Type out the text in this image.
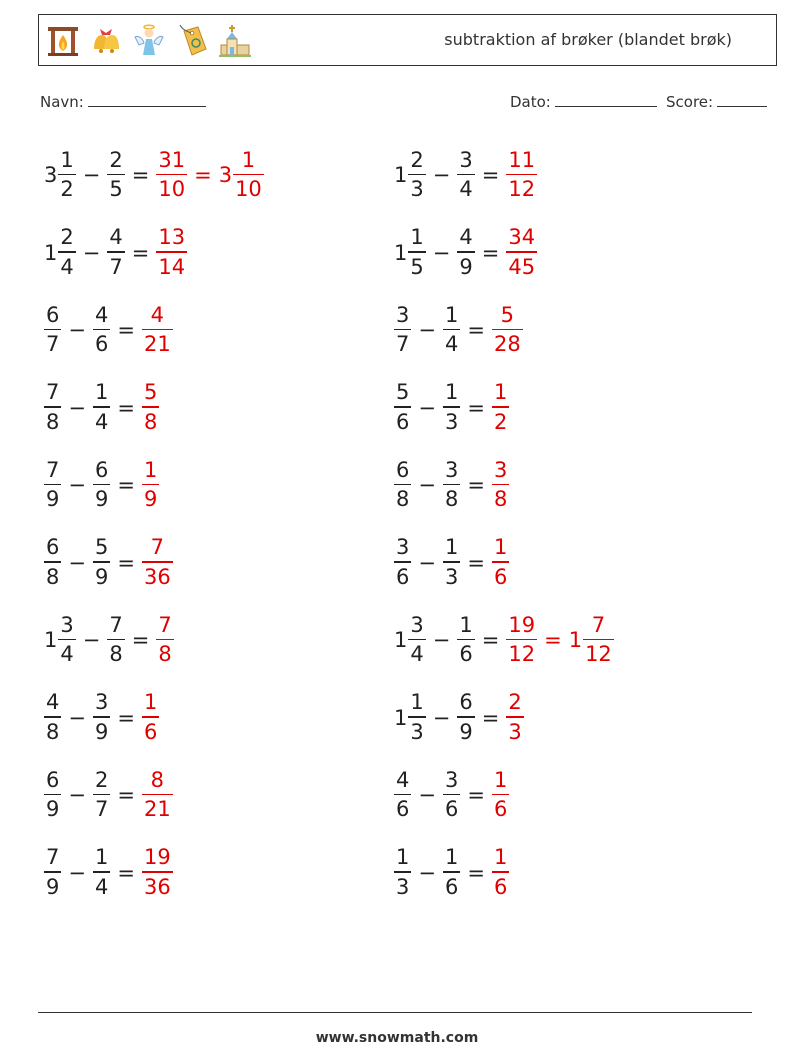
subtraktion af brøker (blandet brøk)
Navn:	Dato:	Score:
$3 \frac{1}{2} - \frac{2}{5} = \frac{31}{10} = 3 \frac{1}{10}$	$1 \frac{2}{3} - \frac{3}{4} = \frac{11}{12}$
$1 \frac{2}{4} - \frac{4}{7} = \frac{13}{14}$	$1 \frac{1}{5} - \frac{4}{9} = \frac{34}{45}$
$\frac{6}{7} - \frac{4}{6} = \frac{4}{21}$	$\frac{3}{7} - \frac{1}{4} = \frac{5}{28}$
$\frac{7}{8} - \frac{1}{4} = \frac{5}{8}$	$\frac{5}{6} - \frac{1}{3} = \frac{1}{2}$
$\frac{7}{9} - \frac{6}{9} = \frac{1}{9}$	$\frac{6}{8} - \frac{3}{8} = \frac{3}{8}$
$\frac{6}{8} - \frac{5}{9} = \frac{7}{36}$	$\frac{3}{6} - \frac{1}{3} = \frac{1}{6}$
$1 \frac{3}{4} - \frac{7}{8} = \frac{7}{8}$	$1 \frac{3}{4} - \frac{1}{6} = \frac{19}{12} = 1 \frac{7}{12}$
$\frac{4}{8} - \frac{3}{9} = \frac{1}{6}$	$1 \frac{1}{3} - \frac{6}{9} = \frac{2}{3}$
$\frac{6}{9} - \frac{2}{7} = \frac{8}{21}$	$\frac{4}{6} - \frac{3}{6} = \frac{1}{6}$
$\frac{7}{9} - \frac{1}{4} = \frac{19}{36}$	$\frac{1}{3} - \frac{1}{6} = \frac{1}{6}$
www.snowmath.com
